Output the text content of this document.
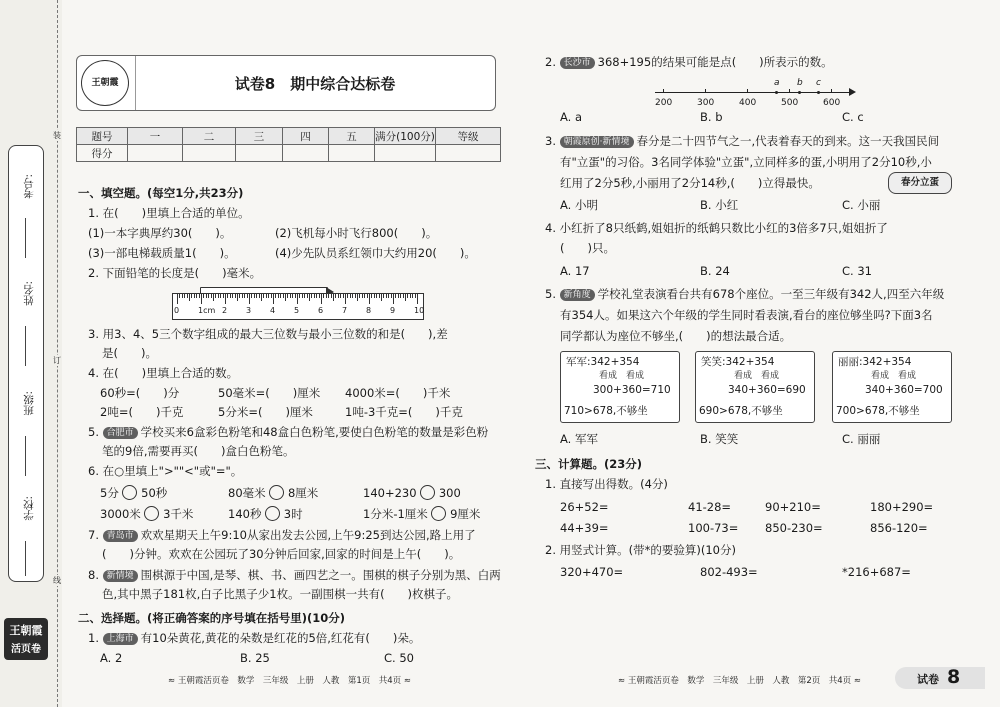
考号:
姓名:
班级:
学校:
装
订
线
王朝霞
活页卷
王朝霞	试卷8　期中综合达标卷
题号	一	二	三	四	五	满分(100分)	等级
得分							
一、填空题。(每空1分,共23分)
1. 在(　　)里填上合适的单位。
(1)一本字典厚约30(　　)。	(2)飞机每小时飞行800(　　)。
(3)一部电梯载质量1(　　)。	(4)少先队员系红领巾大约用20(　　)。
2. 下面铅笔的长度是(　　)毫米。
0 1cm 2 3 4 5 6 7 8 9 10
3. 用3、4、5三个数字组成的最大三位数与最小三位数的和是(　　),差
是(　　)。
4. 在(　　)里填上合适的数。
60秒=(　　)分	50毫米=(　　)厘米 4000米=(　　)千米
2吨=(　　)千克	5分米=(　　)厘米	1吨-3千克=(　　)千克
5. 合肥市 学校买来6盒彩色粉笔和48盒白色粉笔,要使白色粉笔的数量是彩色粉
笔的9倍,需要再买(　　)盒白色粉笔。
6. 在○里填上">""<"或"="。
5分 50秒	80毫米 8厘米	140+230 300
3000米 3千米	140秒 3时	1分米-1厘米 9厘米
7. 青岛市 欢欢星期天上午9:10从家出发去公园,上午9:25到达公园,路上用了
(　　)分钟。欢欢在公园玩了30分钟后回家,回家的时间是上午(　　)。
8. 新情境 围棋源于中国,是琴、棋、书、画四艺之一。围棋的棋子分别为黑、白两
色,其中黑子181枚,白子比黑子少1枚。一副围棋一共有(　　)枚棋子。
二、选择题。(将正确答案的序号填在括号里)(10分)
1. 上海市 有10朵黄花,黄花的朵数是红花的5倍,红花有(　　)朵。
A. 2	B. 25	C. 50
≈ 王朝霞活页卷　数学　三年级　上册　人教　第1页　共4页 ≈
2. 长沙市 368+195的结果可能是点(　　)所表示的数。
200	300	400	500	600
a b c
A. a	B. b	C. c
3. 朝霞原创·新情境 春分是二十四节气之一,代表着春天的到来。这一天我国民间
有"立蛋"的习俗。3名同学体验"立蛋",立同样多的蛋,小明用了2分10秒,小
红用了2分5秒,小丽用了2分14秒,(　　)立得最快。	春分立蛋
A. 小明	B. 小红	C. 小丽
4. 小红折了8只纸鹤,姐姐折的纸鹤只数比小红的3倍多7只,姐姐折了
(　　)只。
A. 17	B. 24	C. 31
5. 新角度 学校礼堂表演看台共有678个座位。一至三年级有342人,四至六年级
有354人。如果这六个年级的学生同时看表演,看台的座位够坐吗?下面3名
同学都认为座位不够坐,(　　)的想法最合适。
军军:342+354
看成　看成
300+360=710
710>678,不够坐
笑笑:342+354
看成　看成
340+360=690
690>678,不够坐
丽丽:342+354
看成　看成
340+360=700
700>678,不够坐
A. 军军	B. 笑笑	C. 丽丽
三、计算题。(23分)
1. 直接写出得数。(4分)
26+52=	41-28=	90+210=	180+290=
44+39=	100-73= 850-230=	856-120=
2. 用竖式计算。(带*的要验算)(10分)
320+470=	802-493=	*216+687=
≈ 王朝霞活页卷　数学　三年级　上册　人教　第2页　共4页 ≈	试卷 8
